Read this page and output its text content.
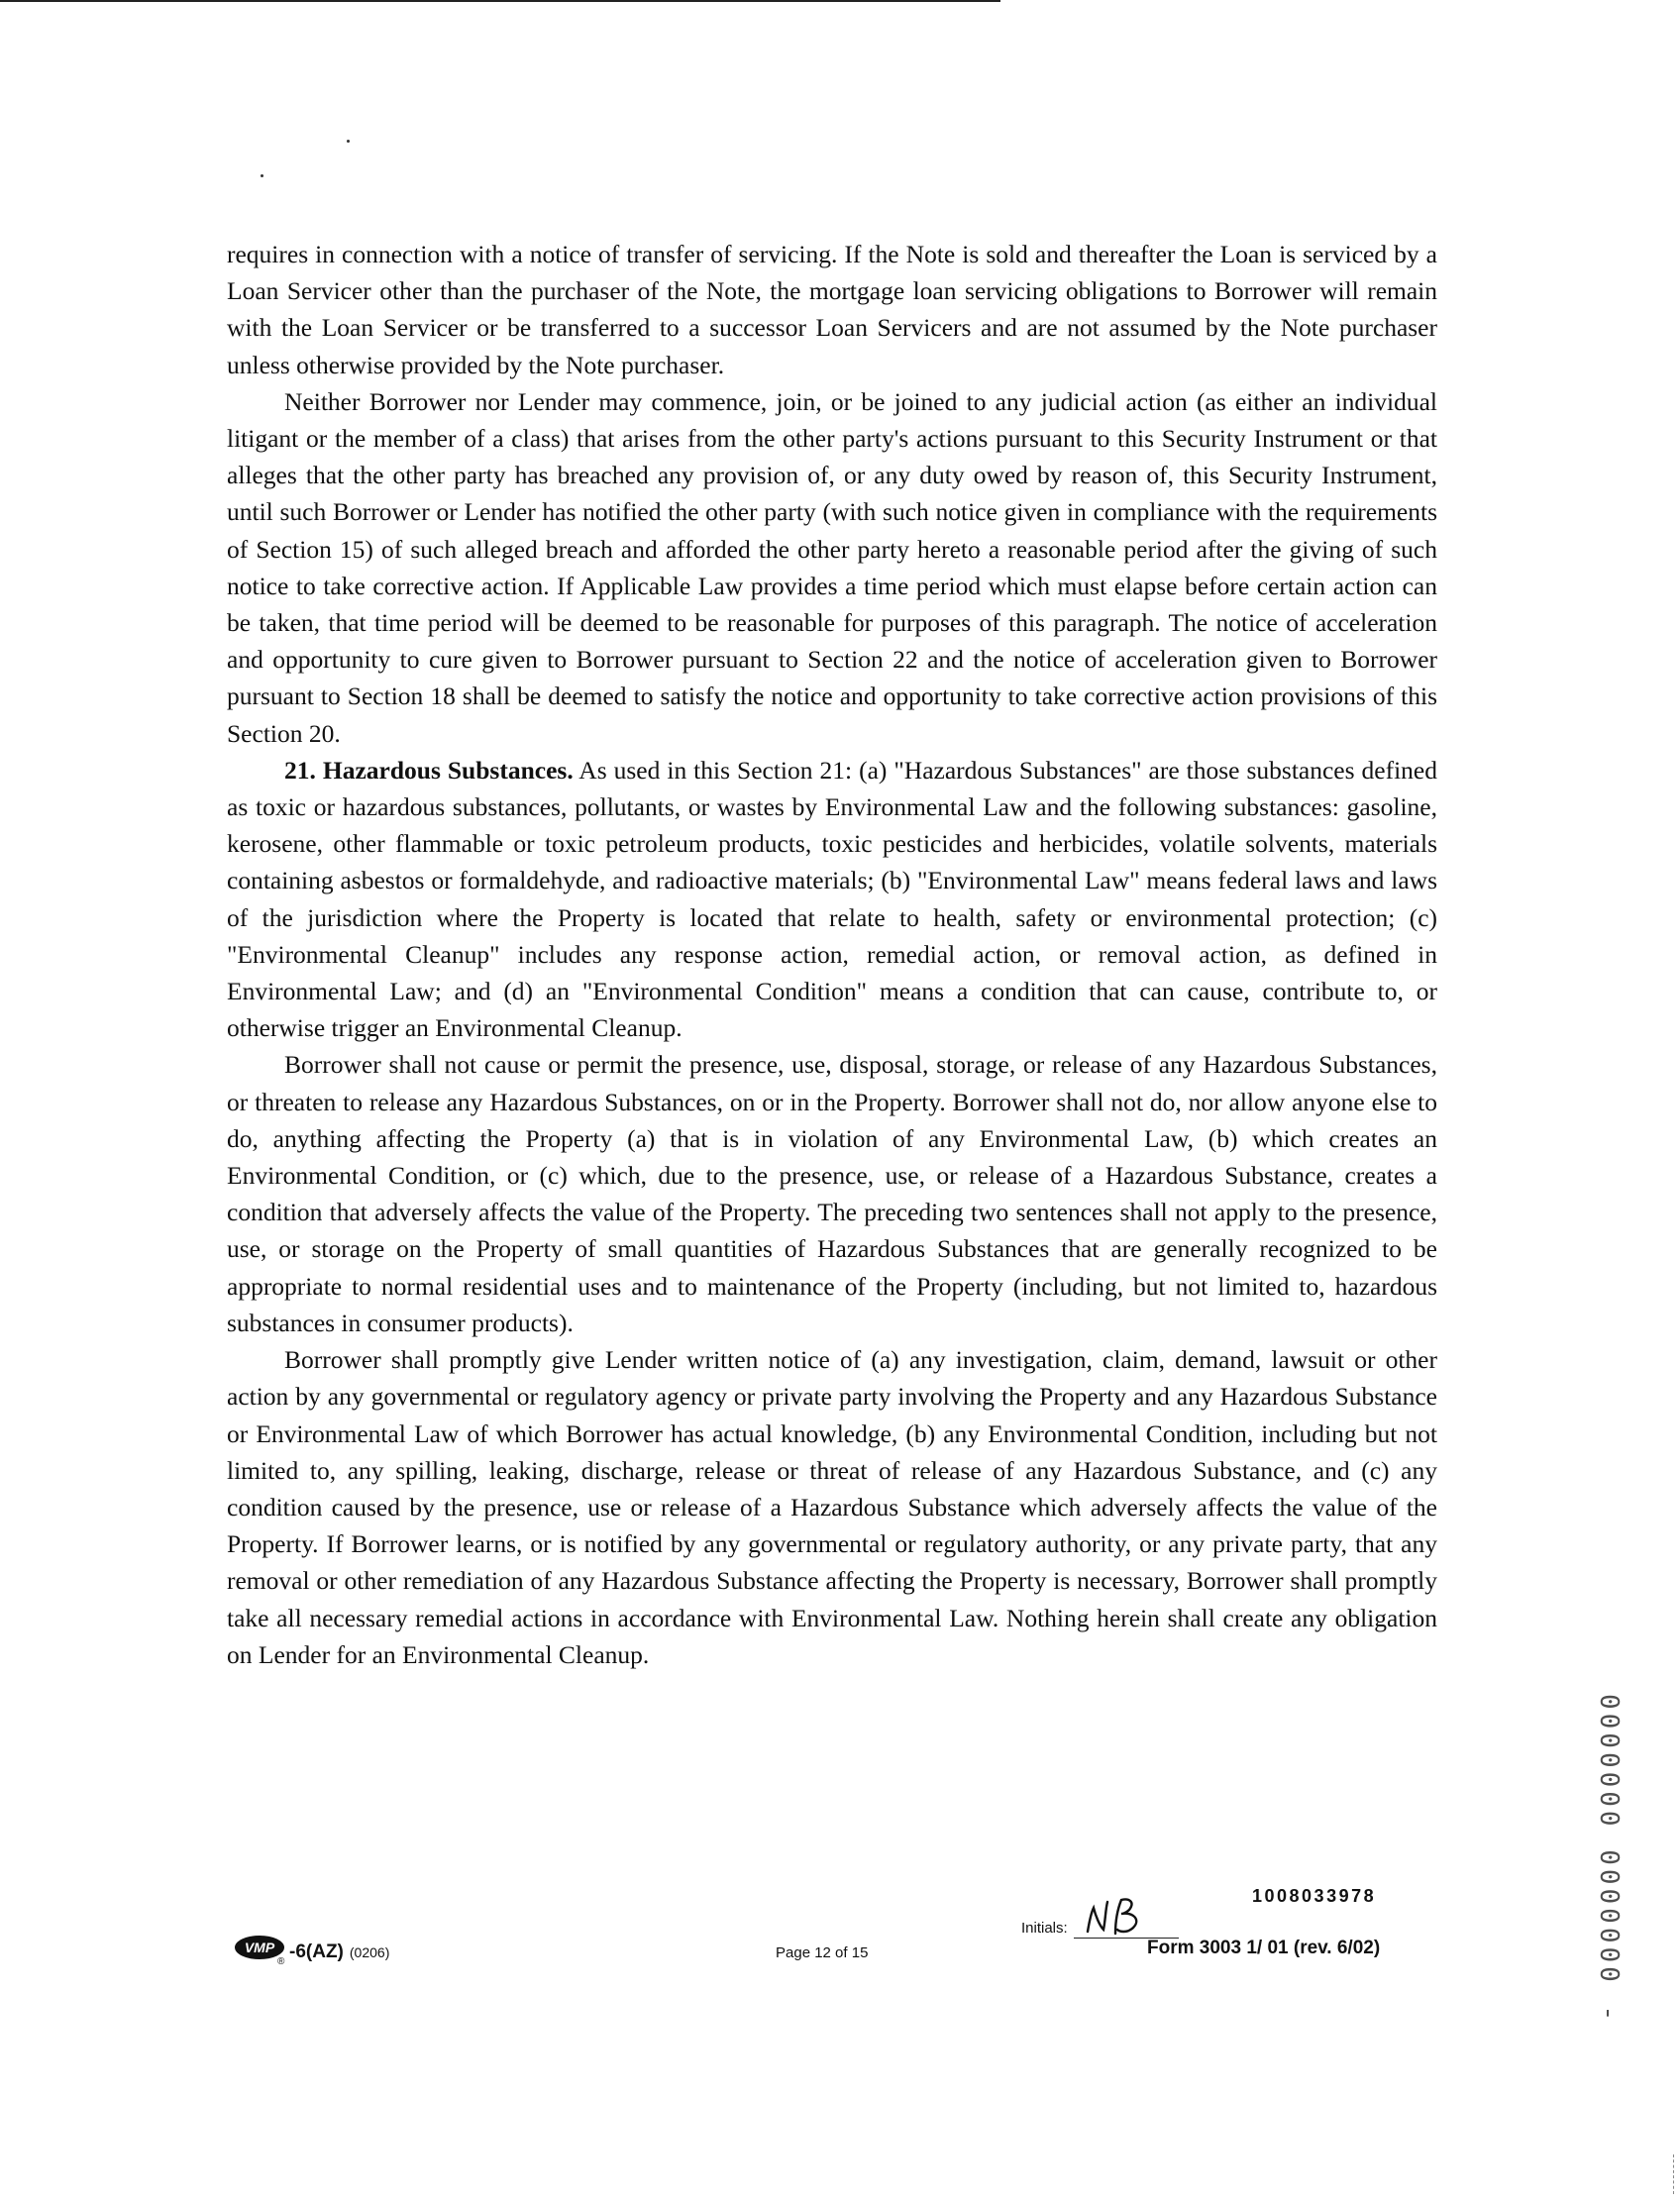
requires in connection with a notice of transfer of servicing. If the Note is sold and thereafter the Loan is serviced by a Loan Servicer other than the purchaser of the Note, the mortgage loan servicing obligations to Borrower will remain with the Loan Servicer or be transferred to a successor Loan Servicers and are not assumed by the Note purchaser unless otherwise provided by the Note purchaser.

Neither Borrower nor Lender may commence, join, or be joined to any judicial action (as either an individual litigant or the member of a class) that arises from the other party's actions pursuant to this Security Instrument or that alleges that the other party has breached any provision of, or any duty owed by reason of, this Security Instrument, until such Borrower or Lender has notified the other party (with such notice given in compliance with the requirements of Section 15) of such alleged breach and afforded the other party hereto a reasonable period after the giving of such notice to take corrective action. If Applicable Law provides a time period which must elapse before certain action can be taken, that time period will be deemed to be reasonable for purposes of this paragraph. The notice of acceleration and opportunity to cure given to Borrower pursuant to Section 22 and the notice of acceleration given to Borrower pursuant to Section 18 shall be deemed to satisfy the notice and opportunity to take corrective action provisions of this Section 20.

21. Hazardous Substances. As used in this Section 21: (a) "Hazardous Substances" are those substances defined as toxic or hazardous substances, pollutants, or wastes by Environmental Law and the following substances: gasoline, kerosene, other flammable or toxic petroleum products, toxic pesticides and herbicides, volatile solvents, materials containing asbestos or formaldehyde, and radioactive materials; (b) "Environmental Law" means federal laws and laws of the jurisdiction where the Property is located that relate to health, safety or environmental protection; (c) "Environmental Cleanup" includes any response action, remedial action, or removal action, as defined in Environmental Law; and (d) an "Environmental Condition" means a condition that can cause, contribute to, or otherwise trigger an Environmental Cleanup.

Borrower shall not cause or permit the presence, use, disposal, storage, or release of any Hazardous Substances, or threaten to release any Hazardous Substances, on or in the Property. Borrower shall not do, nor allow anyone else to do, anything affecting the Property (a) that is in violation of any Environmental Law, (b) which creates an Environmental Condition, or (c) which, due to the presence, use, or release of a Hazardous Substance, creates a condition that adversely affects the value of the Property. The preceding two sentences shall not apply to the presence, use, or storage on the Property of small quantities of Hazardous Substances that are generally recognized to be appropriate to normal residential uses and to maintenance of the Property (including, but not limited to, hazardous substances in consumer products).

Borrower shall promptly give Lender written notice of (a) any investigation, claim, demand, lawsuit or other action by any governmental or regulatory agency or private party involving the Property and any Hazardous Substance or Environmental Law of which Borrower has actual knowledge, (b) any Environmental Condition, including but not limited to, any spilling, leaking, discharge, release or threat of release of any Hazardous Substance, and (c) any condition caused by the presence, use or release of a Hazardous Substance which adversely affects the value of the Property. If Borrower learns, or is notified by any governmental or regulatory authority, or any private party, that any removal or other remediation of any Hazardous Substance affecting the Property is necessary, Borrower shall promptly take all necessary remedial actions in accordance with Environmental Law. Nothing herein shall create any obligation on Lender for an Environmental Cleanup.

VMP
® -6(AZ) (0206)	Page 12 of 15
Initials:
1008033978
Form 3003 1/ 01 (rev. 6/02)	0000000 0000000 -
